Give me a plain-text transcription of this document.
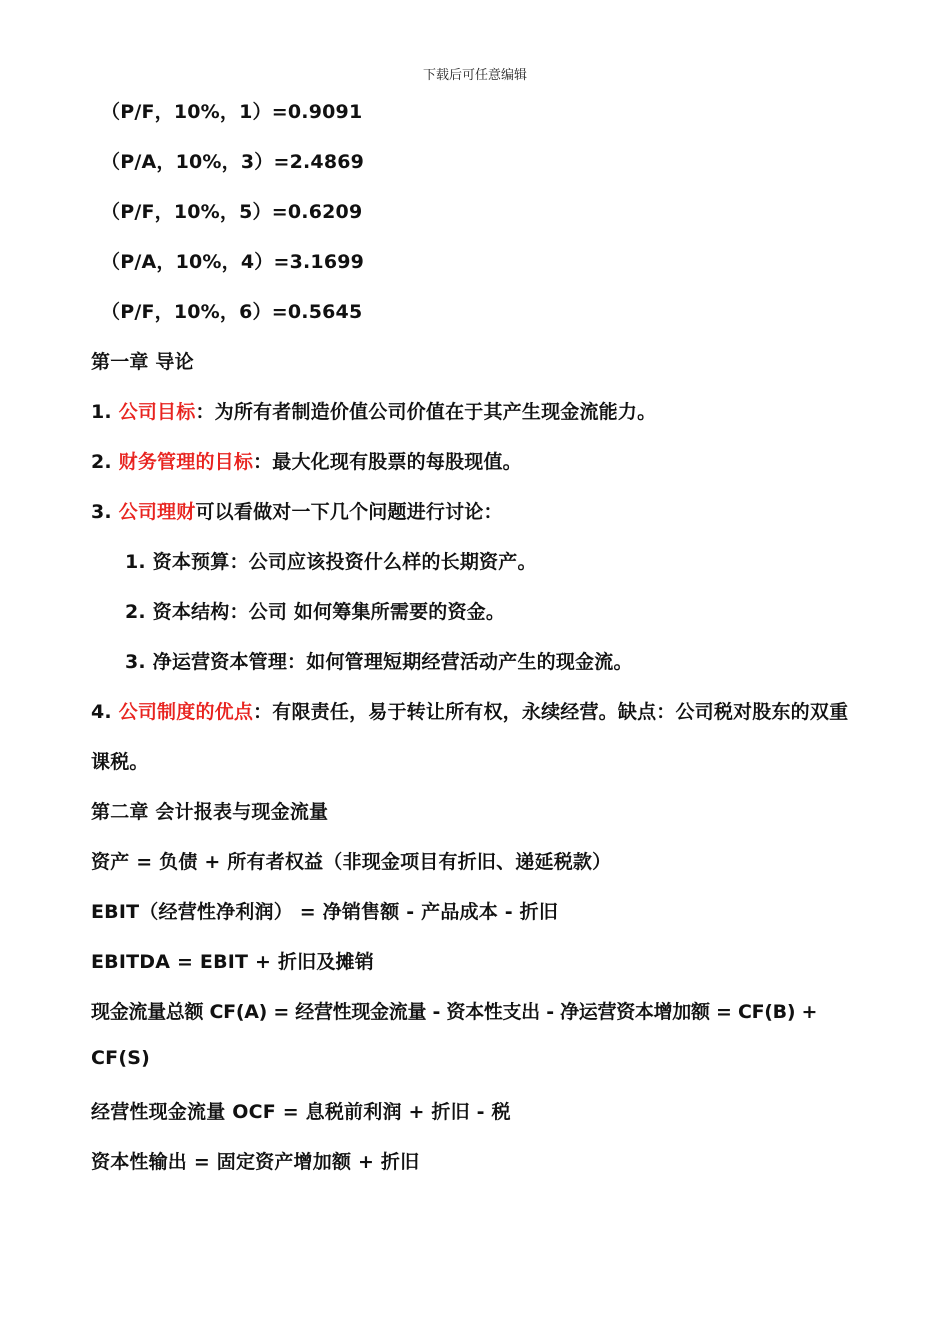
下载后可任意编辑
（P/F，10%，1）=0.9091
（P/A，10%，3）=2.4869
（P/F，10%，5）=0.6209
（P/A，10%，4）=3.1699
（P/F，10%，6）=0.5645
第一章 导论
1. 公司目标：为所有者制造价值公司价值在于其产生现金流能力。
2. 财务管理的目标：最大化现有股票的每股现值。
3. 公司理财可以看做对一下几个问题进行讨论：
1. 资本预算：公司应该投资什么样的长期资产。
2. 资本结构：公司 如何筹集所需要的资金。
3. 净运营资本管理：如何管理短期经营活动产生的现金流。
4. 公司制度的优点：有限责任，易于转让所有权，永续经营。缺点：公司税对股东的双重
课税。
第二章 会计报表与现金流量
资产 = 负债 + 所有者权益（非现金项目有折旧、递延税款）
EBIT（经营性净利润） = 净销售额 - 产品成本 - 折旧
EBITDA = EBIT + 折旧及摊销
现金流量总额 CF(A) = 经营性现金流量 - 资本性支出 - 净运营资本增加额 = CF(B) +
CF(S)
经营性现金流量 OCF = 息税前利润 + 折旧 - 税
资本性输出 = 固定资产增加额 + 折旧
